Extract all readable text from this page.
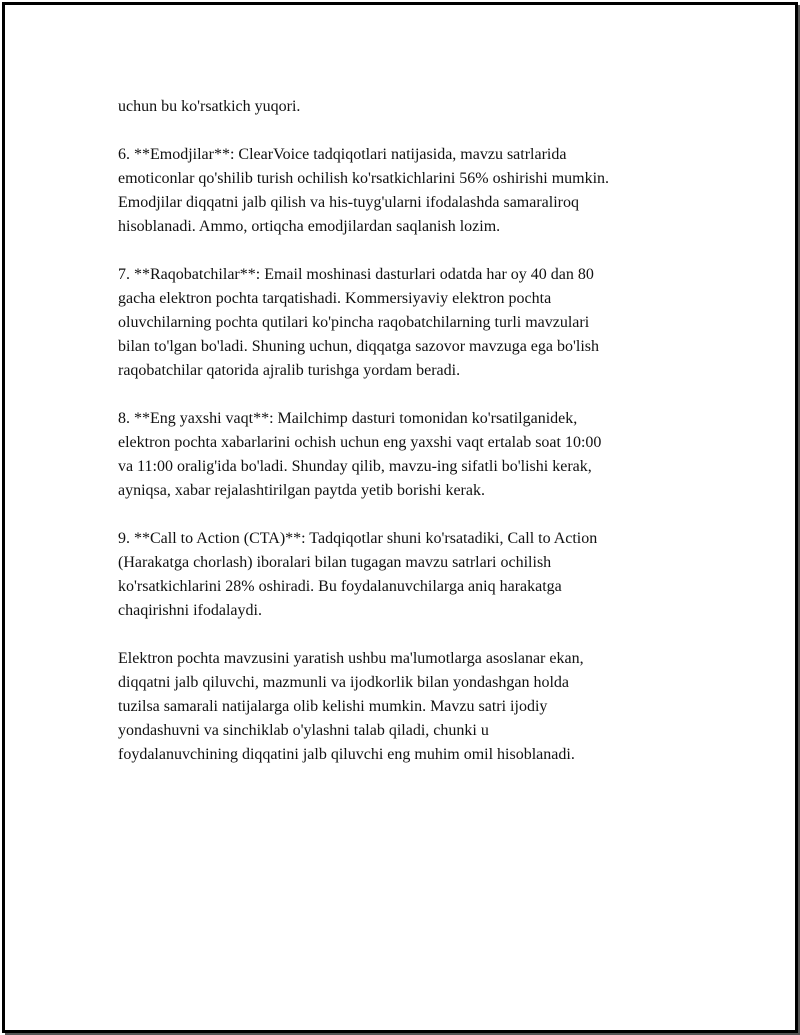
uchun bu ko'rsatkich yuqori.

6. **Emodjilar**: ClearVoice tadqiqotlari natijasida, mavzu satrlarida
emoticonlar qo'shilib turish ochilish ko'rsatkichlarini 56% oshirishi mumkin.
Emodjilar diqqatni jalb qilish va his-tuyg'ularni ifodalashda samaraliroq
hisoblanadi. Ammo, ortiqcha emodjilardan saqlanish lozim.

7. **Raqobatchilar**: Email moshinasi dasturlari odatda har oy 40 dan 80
gacha elektron pochta tarqatishadi. Kommersiyaviy elektron pochta
oluvchilarning pochta qutilari ko'pincha raqobatchilarning turli mavzulari
bilan to'lgan bo'ladi. Shuning uchun, diqqatga sazovor mavzuga ega bo'lish
raqobatchilar qatorida ajralib turishga yordam beradi.

8. **Eng yaxshi vaqt**: Mailchimp dasturi tomonidan ko'rsatilganidek,
elektron pochta xabarlarini ochish uchun eng yaxshi vaqt ertalab soat 10:00
va 11:00 oralig'ida bo'ladi. Shunday qilib, mavzu-ing sifatli bo'lishi kerak,
ayniqsa, xabar rejalashtirilgan paytda yetib borishi kerak.

9. **Call to Action (CTA)**: Tadqiqotlar shuni ko'rsatadiki, Call to Action
(Harakatga chorlash) iboralari bilan tugagan mavzu satrlari ochilish
ko'rsatkichlarini 28% oshiradi. Bu foydalanuvchilarga aniq harakatga
chaqirishni ifodalaydi.

Elektron pochta mavzusini yaratish ushbu ma'lumotlarga asoslanar ekan,
diqqatni jalb qiluvchi, mazmunli va ijodkorlik bilan yondashgan holda
tuzilsa samarali natijalarga olib kelishi mumkin. Mavzu satri ijodiy
yondashuvni va sinchiklab o'ylashni talab qiladi, chunki u
foydalanuvchining diqqatini jalb qiluvchi eng muhim omil hisoblanadi.
